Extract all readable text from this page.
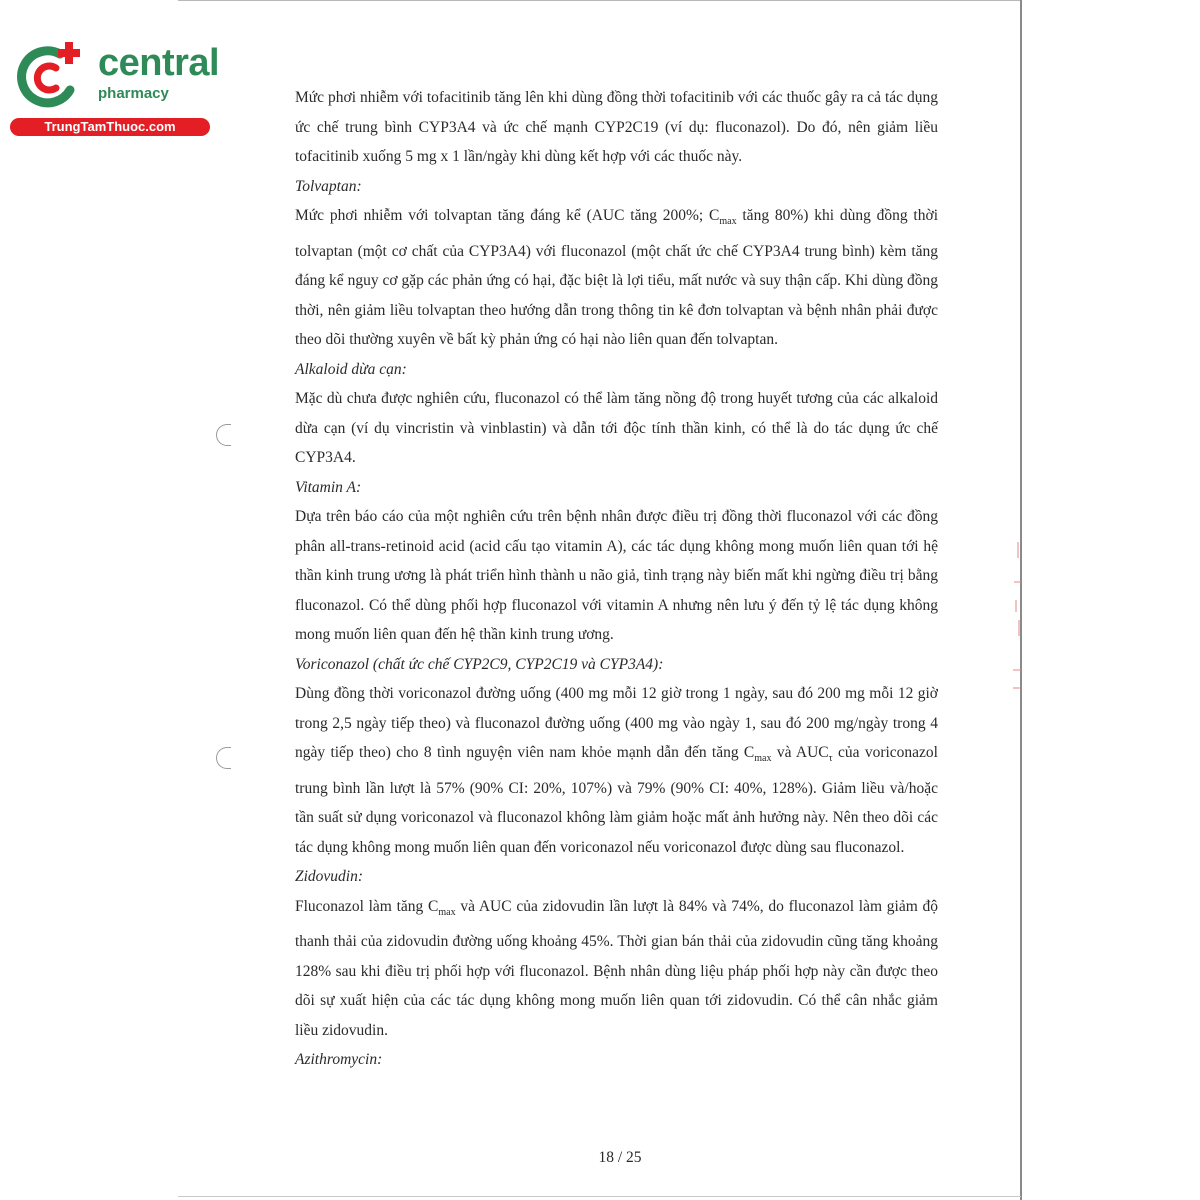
central
pharmacy
TrungTamThuoc.com

Mức phơi nhiễm với tofacitinib tăng lên khi dùng đồng thời tofacitinib với các thuốc gây ra cả tác dụng ức chế trung bình CYP3A4 và ức chế mạnh CYP2C19 (ví dụ: fluconazol). Do đó, nên giảm liều tofacitinib xuống 5 mg x 1 lần/ngày khi dùng kết hợp với các thuốc này.

Tolvaptan:

Mức phơi nhiễm với tolvaptan tăng đáng kể (AUC tăng 200%; $C_{max}$ tăng 80%) khi dùng đồng thời tolvaptan (một cơ chất của CYP3A4) với fluconazol (một chất ức chế CYP3A4 trung bình) kèm tăng đáng kể nguy cơ gặp các phản ứng có hại, đặc biệt là lợi tiểu, mất nước và suy thận cấp. Khi dùng đồng thời, nên giảm liều tolvaptan theo hướng dẫn trong thông tin kê đơn tolvaptan và bệnh nhân phải được theo dõi thường xuyên về bất kỳ phản ứng có hại nào liên quan đến tolvaptan.

Alkaloid dừa cạn:

Mặc dù chưa được nghiên cứu, fluconazol có thể làm tăng nồng độ trong huyết tương của các alkaloid dừa cạn (ví dụ vincristin và vinblastin) và dẫn tới độc tính thần kinh, có thể là do tác dụng ức chế CYP3A4.

Vitamin A:

Dựa trên báo cáo của một nghiên cứu trên bệnh nhân được điều trị đồng thời fluconazol với các đồng phân all-trans-retinoid acid (acid cấu tạo vitamin A), các tác dụng không mong muốn liên quan tới hệ thần kinh trung ương là phát triển hình thành u não giả, tình trạng này biến mất khi ngừng điều trị bằng fluconazol. Có thể dùng phối hợp fluconazol với vitamin A nhưng nên lưu ý đến tỷ lệ tác dụng không mong muốn liên quan đến hệ thần kinh trung ương.

Voriconazol (chất ức chế CYP2C9, CYP2C19 và CYP3A4):

Dùng đồng thời voriconazol đường uống (400 mg mỗi 12 giờ trong 1 ngày, sau đó 200 mg mỗi 12 giờ trong 2,5 ngày tiếp theo) và fluconazol đường uống (400 mg vào ngày 1, sau đó 200 mg/ngày trong 4 ngày tiếp theo) cho 8 tình nguyện viên nam khỏe mạnh dẫn đến tăng $C_{max}$ và $AUC_\tau$ của voriconazol trung bình lần lượt là 57% (90% CI: 20%, 107%) và 79% (90% CI: 40%, 128%). Giảm liều và/hoặc tần suất sử dụng voriconazol và fluconazol không làm giảm hoặc mất ảnh hưởng này. Nên theo dõi các tác dụng không mong muốn liên quan đến voriconazol nếu voriconazol được dùng sau fluconazol.

Zidovudin:

Fluconazol làm tăng $C_{max}$ và AUC của zidovudin lần lượt là 84% và 74%, do fluconazol làm giảm độ thanh thải của zidovudin đường uống khoảng 45%. Thời gian bán thải của zidovudin cũng tăng khoảng 128% sau khi điều trị phối hợp với fluconazol. Bệnh nhân dùng liệu pháp phối hợp này cần được theo dõi sự xuất hiện của các tác dụng không mong muốn liên quan tới zidovudin. Có thể cân nhắc giảm liều zidovudin.

Azithromycin:

18 / 25
